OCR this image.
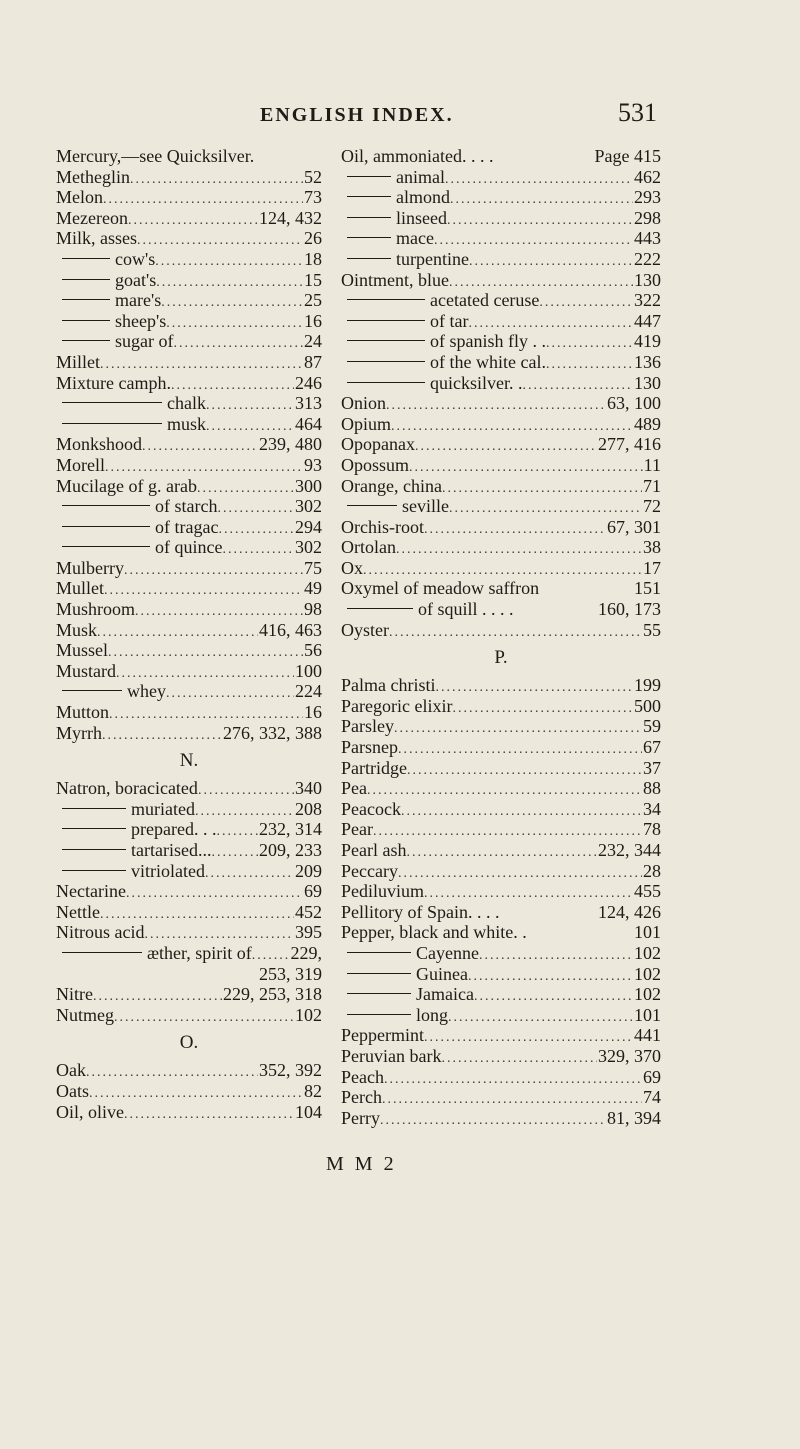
ENGLISH INDEX.	531
Mercury,—see Quicksilver.
Metheglin .....	52
Melon .....	73
Mezereon .....	124, 432
Milk, asses .....	26
cow's .....	18
goat's .....	15
mare's .....	25
sheep's .....	16
sugar of .....	24
Millet .....	87
Mixture camph. .....	246
chalk .....	313
musk .....	464
Monkshood .....	239, 480
Morell .....	93
Mucilage of g. arab .....	300
of starch .....	302
of tragac .....	294
of quince .....	302
Mulberry .....	75
Mullet .....	49
Mushroom .....	98
Musk .....	416, 463
Mussel .....	56
Mustard .....	100
whey .....	224
Mutton .....	16
Myrrh .....	276, 332, 388
N.
Natron, boracicated .....	340
muriated .....	208
prepared. . . ..... 232, 314
tartarised... .....	209, 233
vitriolated .....	209
Nectarine .....	69
Nettle .....	452
Nitrous acid .....	395
æther, spirit of ..... 229,
253, 319
Nitre .....	229, 253, 318
Nutmeg .....	102
O.
Oak .....	352, 392
Oats .....	82
Oil, olive .....	104
Oil, ammoniated. . . .	Page 415
animal .....	462
almond .....	293
linseed .....	298
mace .....	443
turpentine .....	222
Ointment, blue .....	130
acetated ceruse .....	322
of tar .....	447
of spanish fly . . .....	419
of the white cal. .....	136
quicksilver. . .....	130
Onion .....	63, 100
Opium .....	489
Opopanax .....	277, 416
Opossum .....	11
Orange, china .....	71
seville .....	72
Orchis-root .....	67, 301
Ortolan .....	38
Ox .....	17
Oxymel of meadow saffron	151
of squill . . . .	160, 173
Oyster .....	55
P.
Palma christi .....	199
Paregoric elixir .....	500
Parsley .....	59
Parsnep .....	67
Partridge .....	37
Pea .....	88
Peacock .....	34
Pear .....	78
Pearl ash .....	232, 344
Peccary .....	28
Pediluvium .....	455
Pellitory of Spain. . . .	124, 426
Pepper, black and white. .	101
Cayenne .....	102
Guinea .....	102
Jamaica .....	102
long .....	101
Peppermint .....	441
Peruvian bark .....	329, 370
Peach .....	69
Perch .....	74
Perry .....	81, 394
M M 2
